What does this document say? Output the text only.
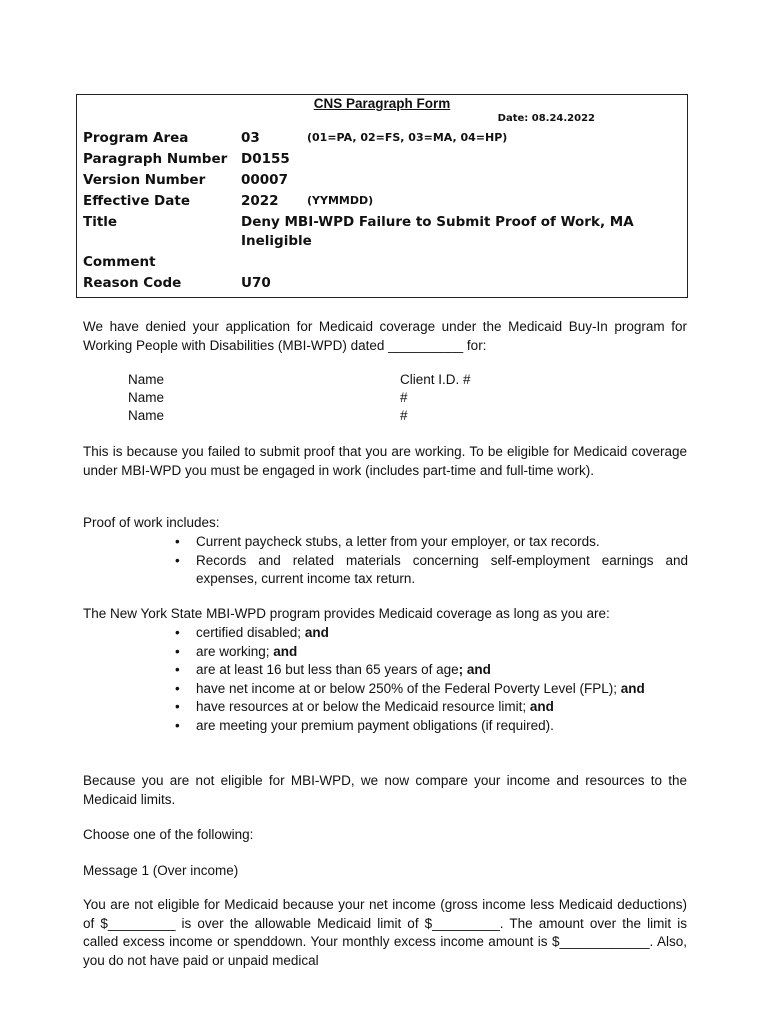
CNS Paragraph Form
Date: 08.24.2022
Program Area	03	(01=PA, 02=FS, 03=MA, 04=HP)
Paragraph Number	D0155
Version Number	00007
Effective Date	2022	(YYMMDD)
Title	Deny MBI-WPD Failure to Submit Proof of Work, MA Ineligible
Comment
Reason Code	U70
We have denied your application for Medicaid coverage under the Medicaid Buy-In program for Working People with Disabilities (MBI-WPD) dated __________ for:
Name	Client I.D. #
Name	#
Name	#
This is because you failed to submit proof that you are working. To be eligible for Medicaid coverage under MBI-WPD you must be engaged in work (includes part-time and full-time work).
Proof of work includes:
• Current paycheck stubs, a letter from your employer, or tax records.
• Records and related materials concerning self-employment earnings and expenses, current income tax return.
The New York State MBI-WPD program provides Medicaid coverage as long as you are:
• certified disabled; and
• are working; and
• are at least 16 but less than 65 years of age; and
• have net income at or below 250% of the Federal Poverty Level (FPL); and
• have resources at or below the Medicaid resource limit; and
• are meeting your premium payment obligations (if required).
Because you are not eligible for MBI-WPD, we now compare your income and resources to the Medicaid limits.
Choose one of the following:
Message 1 (Over income)
You are not eligible for Medicaid because your net income (gross income less Medicaid deductions) of $_________ is over the allowable Medicaid limit of $_________. The amount over the limit is called excess income or spenddown. Your monthly excess income amount is $____________. Also, you do not have paid or unpaid medical
